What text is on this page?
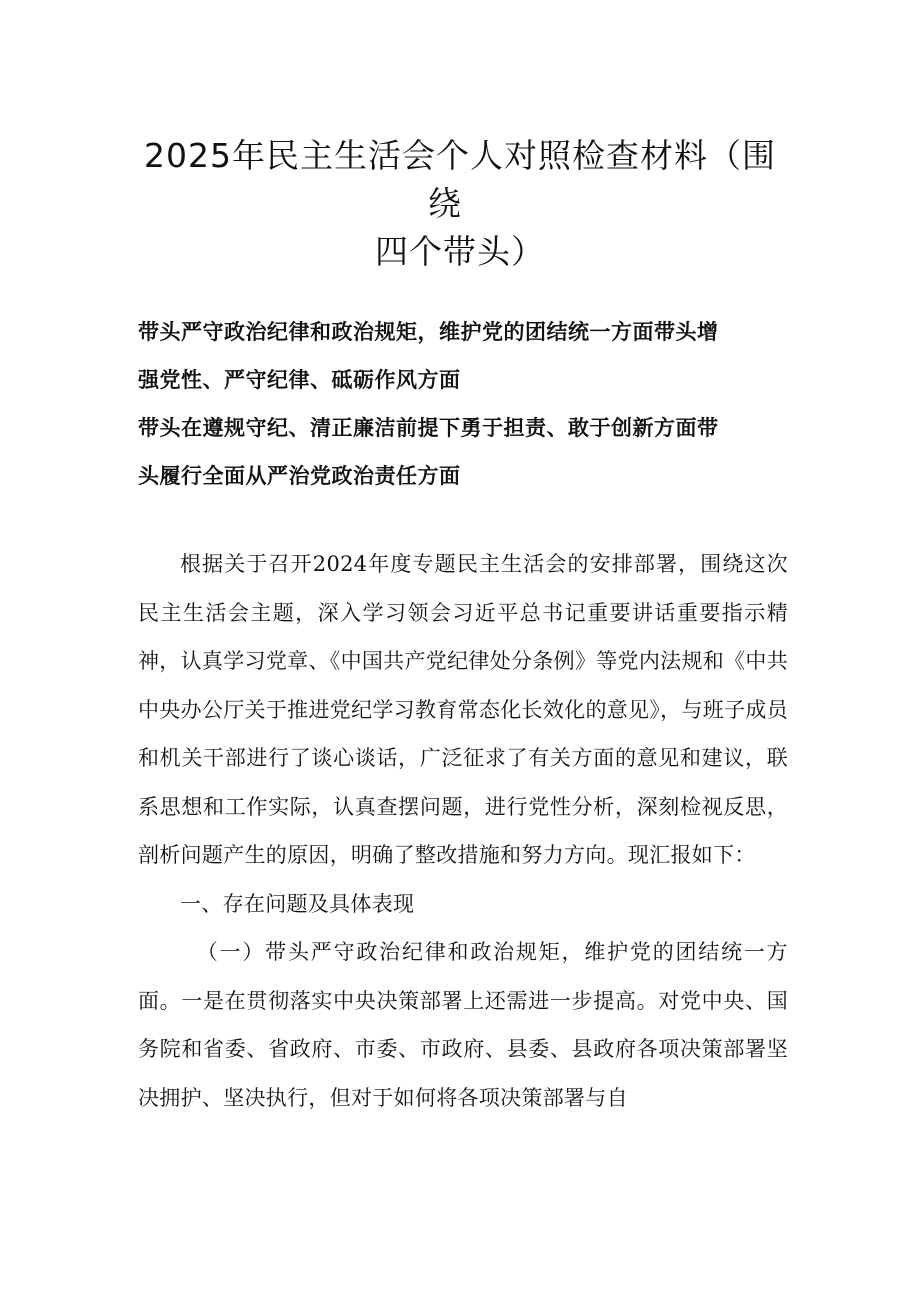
2025年民主生活会个人对照检查材料（围
绕
四个带头）
带头严守政治纪律和政治规矩，维护党的团结统一方面带头增
强党性、严守纪律、砥砺作风方面
带头在遵规守纪、清正廉洁前提下勇于担责、敢于创新方面带
头履行全面从严治党政治责任方面

根据关于召开2024年度专题民主生活会的安排部署，围绕这次民主生活会主题，深入学习领会习近平总书记重要讲话重要指示精神，认真学习党章、《中国共产党纪律处分条例》等党内法规和《中共中央办公厅关于推进党纪学习教育常态化长效化的意见》，与班子成员和机关干部进行了谈心谈话，广泛征求了有关方面的意见和建议，联系思想和工作实际，认真查摆问题，进行党性分析，深刻检视反思，剖析问题产生的原因，明确了整改措施和努力方向。现汇报如下：

一、存在问题及具体表现

（一）带头严守政治纪律和政治规矩，维护党的团结统一方面。一是在贯彻落实中央决策部署上还需进一步提高。对党中央、国务院和省委、省政府、市委、市政府、县委、县政府各项决策部署坚决拥护、坚决执行，但对于如何将各项决策部署与自
